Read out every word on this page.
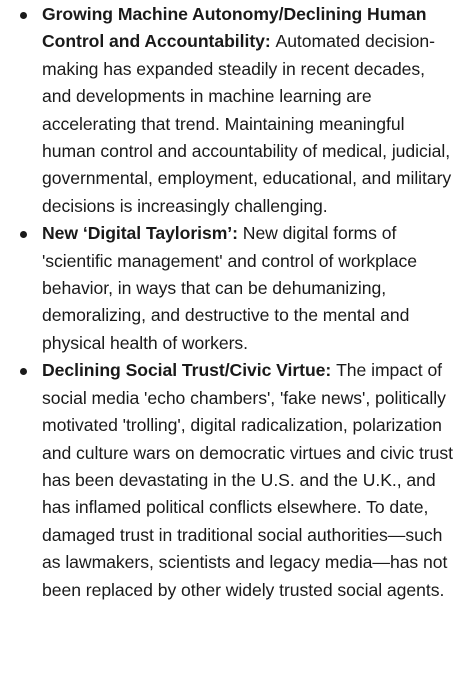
Growing Machine Autonomy/Declining Human Control and Accountability: Automated decision-making has expanded steadily in recent decades, and developments in machine learning are accelerating that trend. Maintaining meaningful human control and accountability of medical, judicial, governmental, employment, educational, and military decisions is increasingly challenging.
New ‘Digital Taylorism’: New digital forms of 'scientific management' and control of workplace behavior, in ways that can be dehumanizing, demoralizing, and destructive to the mental and physical health of workers.
Declining Social Trust/Civic Virtue: The impact of social media 'echo chambers', 'fake news', politically motivated 'trolling', digital radicalization, polarization and culture wars on democratic virtues and civic trust has been devastating in the U.S. and the U.K., and has inflamed political conflicts elsewhere. To date, damaged trust in traditional social authorities—such as lawmakers, scientists and legacy media—has not been replaced by other widely trusted social agents.
